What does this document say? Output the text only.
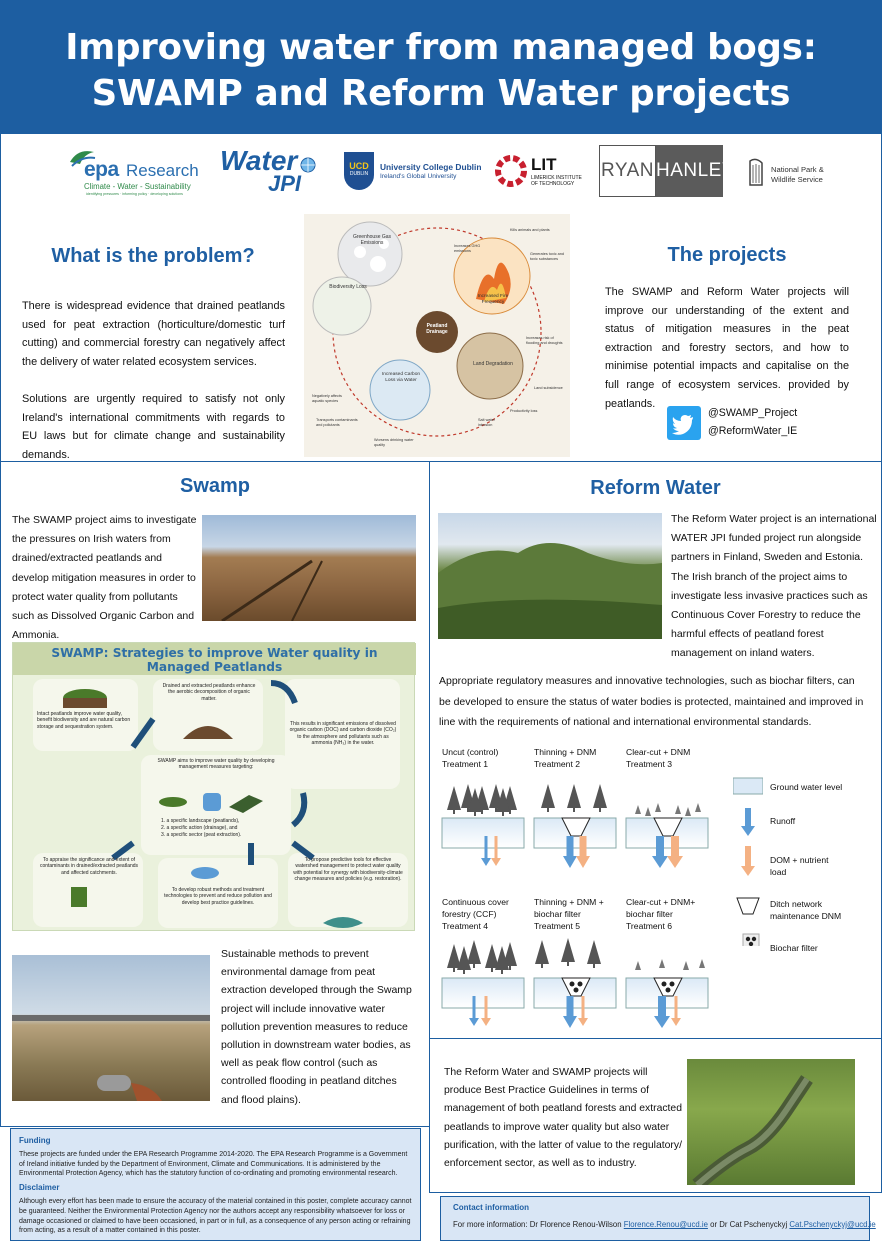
Improving water from managed bogs:
SWAMP and Reform Water projects
epa Research
Climate - Water - Sustainability
identifying pressures · informing policy · developing solutions
Water
JPI
UCD
DUBLIN
University College Dublin
Ireland's Global University
LIT
LIMERICK INSTITUTE
OF TECHNOLOGY
RYAN HANLEY	National Park &
Wildlife Service
What is the problem?

There is widespread evidence that drained peatlands used for peat extraction (horticulture/domestic turf cutting) and commercial forestry can negatively affect the delivery of water related ecosystem services.

Solutions are urgently required to satisfy not only Ireland's international commitments with regards to EU laws but for climate change and sustainability demands.

Greenhouse Gas Emissions
Biodiversity Loss
Increased Fire Frequency
Peatland Drainage
Land Degradation
Increased Carbon Loss via Water
Kills animals and plants
Increases GHG emissions
Generates toxic and toxic substances
Increases risk of flooding and droughts
Land subsidence
Productivity loss
Salt water intrusion
Negatively affects aquatic species
Transports contaminants and pollutants
Worsens drinking water quality
The projects

The SWAMP and Reform Water projects will improve our understanding of the extent and status of mitigation measures in the peat extraction and forestry sectors, and how to minimise potential impacts and capitalise on the full range of ecosystem services. provided by peatlands.

@SWAMP_Project
@ReformWater_IE
Swamp

The SWAMP project aims to investigate the pressures on Irish waters from drained/extracted peatlands and develop mitigation measures in order to protect water quality from pollutants such as Dissolved Organic Carbon and Ammonia.

SWAMP: Strategies to improve Water quality in
Managed Peatlands
Intact peatlands improve water quality, benefit biodiversity and are natural carbon storage and sequestration system.
Drained and extracted peatlands enhance the aerobic decomposition of organic matter.
This results in significant emissions of dissolved organic carbon (DOC) and carbon dioxide (CO₂) to the atmosphere and pollutants such as ammonia (NH₃) in the water.
SWAMP aims to improve water quality by developing management measures targeting:
1. a specific landscape (peatlands),
2. a specific action (drainage), and
3. a specific sector (peat extraction).
To appraise the significance and extent of contaminants in drained/extracted peatlands and affected catchments.
To develop robust methods and treatment technologies to prevent and reduce pollution and develop best practice guidelines.
To propose predictive tools for effective watershed management to protect water quality with potential for synergy with biodiversity-climate change measures and policies (e.g. restoration).

Sustainable methods to prevent environmental damage from peat extraction developed through the Swamp project will include innovative water pollution prevention measures to reduce pollution in downstream water bodies, as well as peak flow control (such as controlled flooding in peatland ditches and flood plains).

Reform Water

The Reform Water project is an international WATER JPI funded project run alongside partners in Finland, Sweden and Estonia. The Irish branch of the project aims to investigate less invasive practices such as Continuous Cover Forestry to reduce the harmful effects of peatland forest management on inland waters.

Appropriate regulatory measures and innovative technologies, such as biochar filters, can be developed to ensure the status of water bodies is protected, maintained and improved in line with the requirements of national and international environmental standards.

Uncut (control)
Treatment 1
Thinning + DNM
Treatment 2
Clear-cut + DNM
Treatment 3
Continuous cover
forestry (CCF)
Treatment 4
Thinning + DNM +
biochar filter
Treatment 5
Clear-cut + DNM+
biochar filter
Treatment 6
Ground water level
Runoff
DOM + nutrient
load
Ditch network
maintenance DNM
Biochar filter

The Reform Water and SWAMP projects will produce Best Practice Guidelines in terms of management of both peatland forests and extracted peatlands to improve water quality but also water purification, with the latter of value to the regulatory/ enforcement sector, as well as to industry.

Funding

These projects are funded under the EPA Research Programme 2014-2020. The EPA Research Programme is a Government of Ireland initiative funded by the Department of Environment, Climate and Communications. It is administered by the Environmental Protection Agency, which has the statutory function of co-ordinating and promoting environmental research.

Disclaimer

Although every effort has been made to ensure the accuracy of the material contained in this poster, complete accuracy cannot be guaranteed. Neither the Environmental Protection Agency nor the authors accept any responsibility whatsoever for loss or damage occasioned or claimed to have been occasioned, in part or in full, as a consequence of any person acting or refraining from acting, as a result of a matter contained in this poster.

Contact information

For more information: Dr Florence Renou-Wilson Florence.Renou@ucd.ie or Dr Cat Pschenyckyj Cat.Pschenyckyj@ucd.ie
